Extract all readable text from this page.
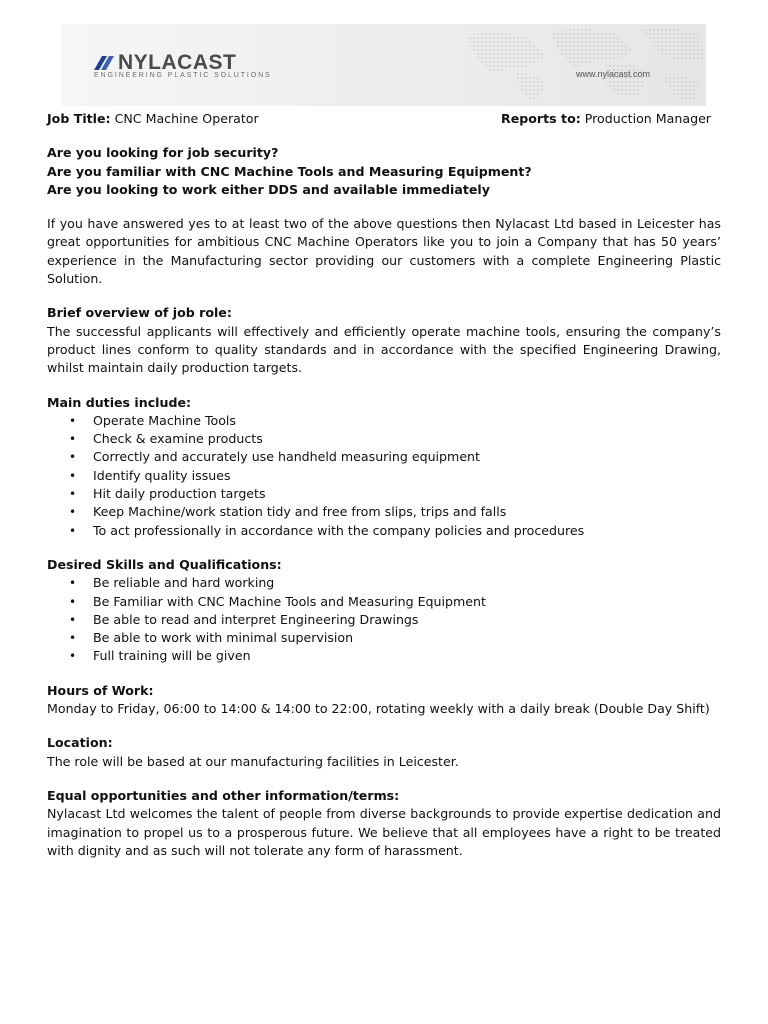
NYLACAST
ENGINEERING PLASTIC SOLUTIONS	www.nylacast.com
Job Title: CNC Machine Operator	Reports to: Production Manager

Are you looking for job security?

Are you familiar with CNC Machine Tools and Measuring Equipment?

Are you looking to work either DDS and available immediately

If you have answered yes to at least two of the above questions then Nylacast Ltd based in Leicester has great opportunities for ambitious CNC Machine Operators like you to join a Company that has 50 years’ experience in the Manufacturing sector providing our customers with a complete Engineering Plastic Solution.

Brief overview of job role:

The successful applicants will effectively and efficiently operate machine tools, ensuring the company’s product lines conform to quality standards and in accordance with the specified Engineering Drawing, whilst maintain daily production targets.

Main duties include:

• Operate Machine Tools
• Check & examine products
• Correctly and accurately use handheld measuring equipment
• Identify quality issues
• Hit daily production targets
• Keep Machine/work station tidy and free from slips, trips and falls
• To act professionally in accordance with the company policies and procedures

Desired Skills and Qualifications:

• Be reliable and hard working
• Be Familiar with CNC Machine Tools and Measuring Equipment
• Be able to read and interpret Engineering Drawings
• Be able to work with minimal supervision
• Full training will be given

Hours of Work:

Monday to Friday, 06:00 to 14:00 & 14:00 to 22:00, rotating weekly with a daily break (Double Day Shift)

Location:

The role will be based at our manufacturing facilities in Leicester.

Equal opportunities and other information/terms:

Nylacast Ltd welcomes the talent of people from diverse backgrounds to provide expertise dedication and imagination to propel us to a prosperous future. We believe that all employees have a right to be treated with dignity and as such will not tolerate any form of harassment.
